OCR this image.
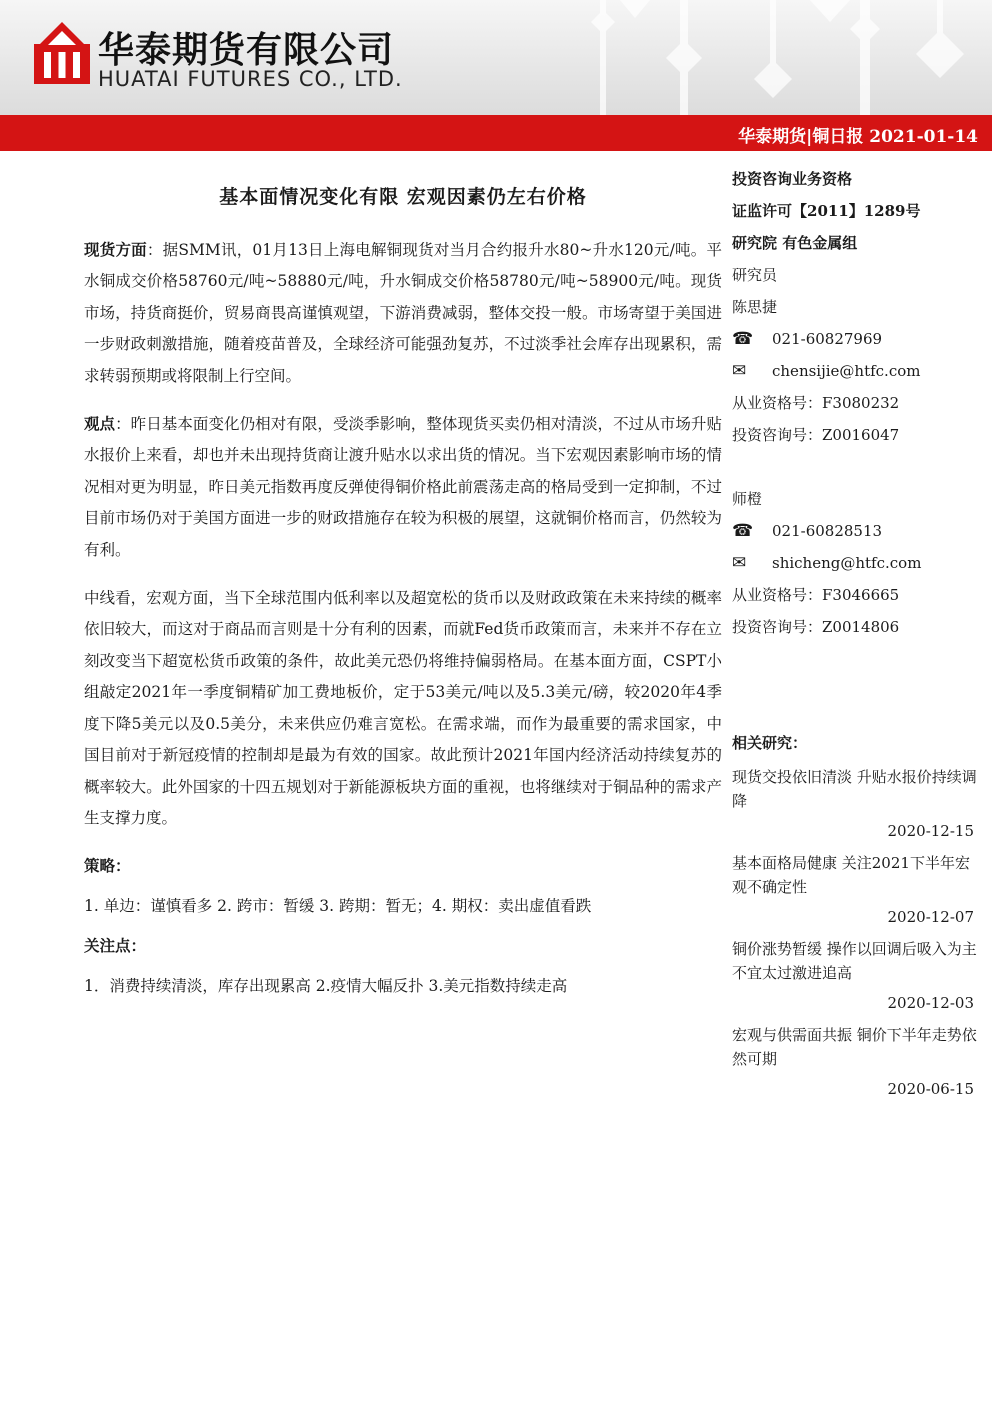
华泰期货有限公司

HUATAI FUTURES CO., LTD.

华泰期货|铜日报 2021-01-14

基本面情况变化有限 宏观因素仍左右价格

现货方面：据SMM讯，01月13日上海电解铜现货对当月合约报升水80~升水120元/吨。平水铜成交价格58760元/吨~58880元/吨，升水铜成交价格58780元/吨~58900元/吨。现货市场，持货商挺价，贸易商畏高谨慎观望，下游消费减弱，整体交投一般。市场寄望于美国进一步财政刺激措施，随着疫苗普及，全球经济可能强劲复苏，不过淡季社会库存出现累积，需求转弱预期或将限制上行空间。

观点：昨日基本面变化仍相对有限，受淡季影响，整体现货买卖仍相对清淡，不过从市场升贴水报价上来看，却也并未出现持货商让渡升贴水以求出货的情况。当下宏观因素影响市场的情况相对更为明显，昨日美元指数再度反弹使得铜价格此前震荡走高的格局受到一定抑制，不过目前市场仍对于美国方面进一步的财政措施存在较为积极的展望，这就铜价格而言，仍然较为有利。

中线看，宏观方面，当下全球范围内低利率以及超宽松的货币以及财政政策在未来持续的概率依旧较大，而这对于商品而言则是十分有利的因素，而就Fed货币政策而言，未来并不存在立刻改变当下超宽松货币政策的条件，故此美元恐仍将维持偏弱格局。在基本面方面，CSPT小组敲定2021年一季度铜精矿加工费地板价，定于53美元/吨以及5.3美元/磅，较2020年4季度下降5美元以及0.5美分，未来供应仍难言宽松。在需求端，而作为最重要的需求国家，中国目前对于新冠疫情的控制却是最为有效的国家。故此预计2021年国内经济活动持续复苏的概率较大。此外国家的十四五规划对于新能源板块方面的重视，也将继续对于铜品种的需求产生支撑力度。

策略：
1. 单边：谨慎看多 2. 跨市：暂缓 3. 跨期：暂无；4. 期权：卖出虚值看跌
关注点：
1．消费持续清淡，库存出现累高 2.疫情大幅反扑 3.美元指数持续走高
投资咨询业务资格
证监许可【2011】1289号
研究院 有色金属组
研究员
陈思捷
☎	021-60827969
✉	chensijie@htfc.com
从业资格号：F3080232
投资咨询号：Z0016047
师橙
☎	021-60828513
✉	shicheng@htfc.com
从业资格号：F3046665
投资咨询号：Z0014806
相关研究：
现货交投依旧清淡 升贴水报价持续调降
2020-12-15
基本面格局健康 关注2021下半年宏观不确定性
2020-12-07
铜价涨势暂缓 操作以回调后吸入为主不宜太过激进追高
2020-12-03
宏观与供需面共振 铜价下半年走势依然可期
2020-06-15
